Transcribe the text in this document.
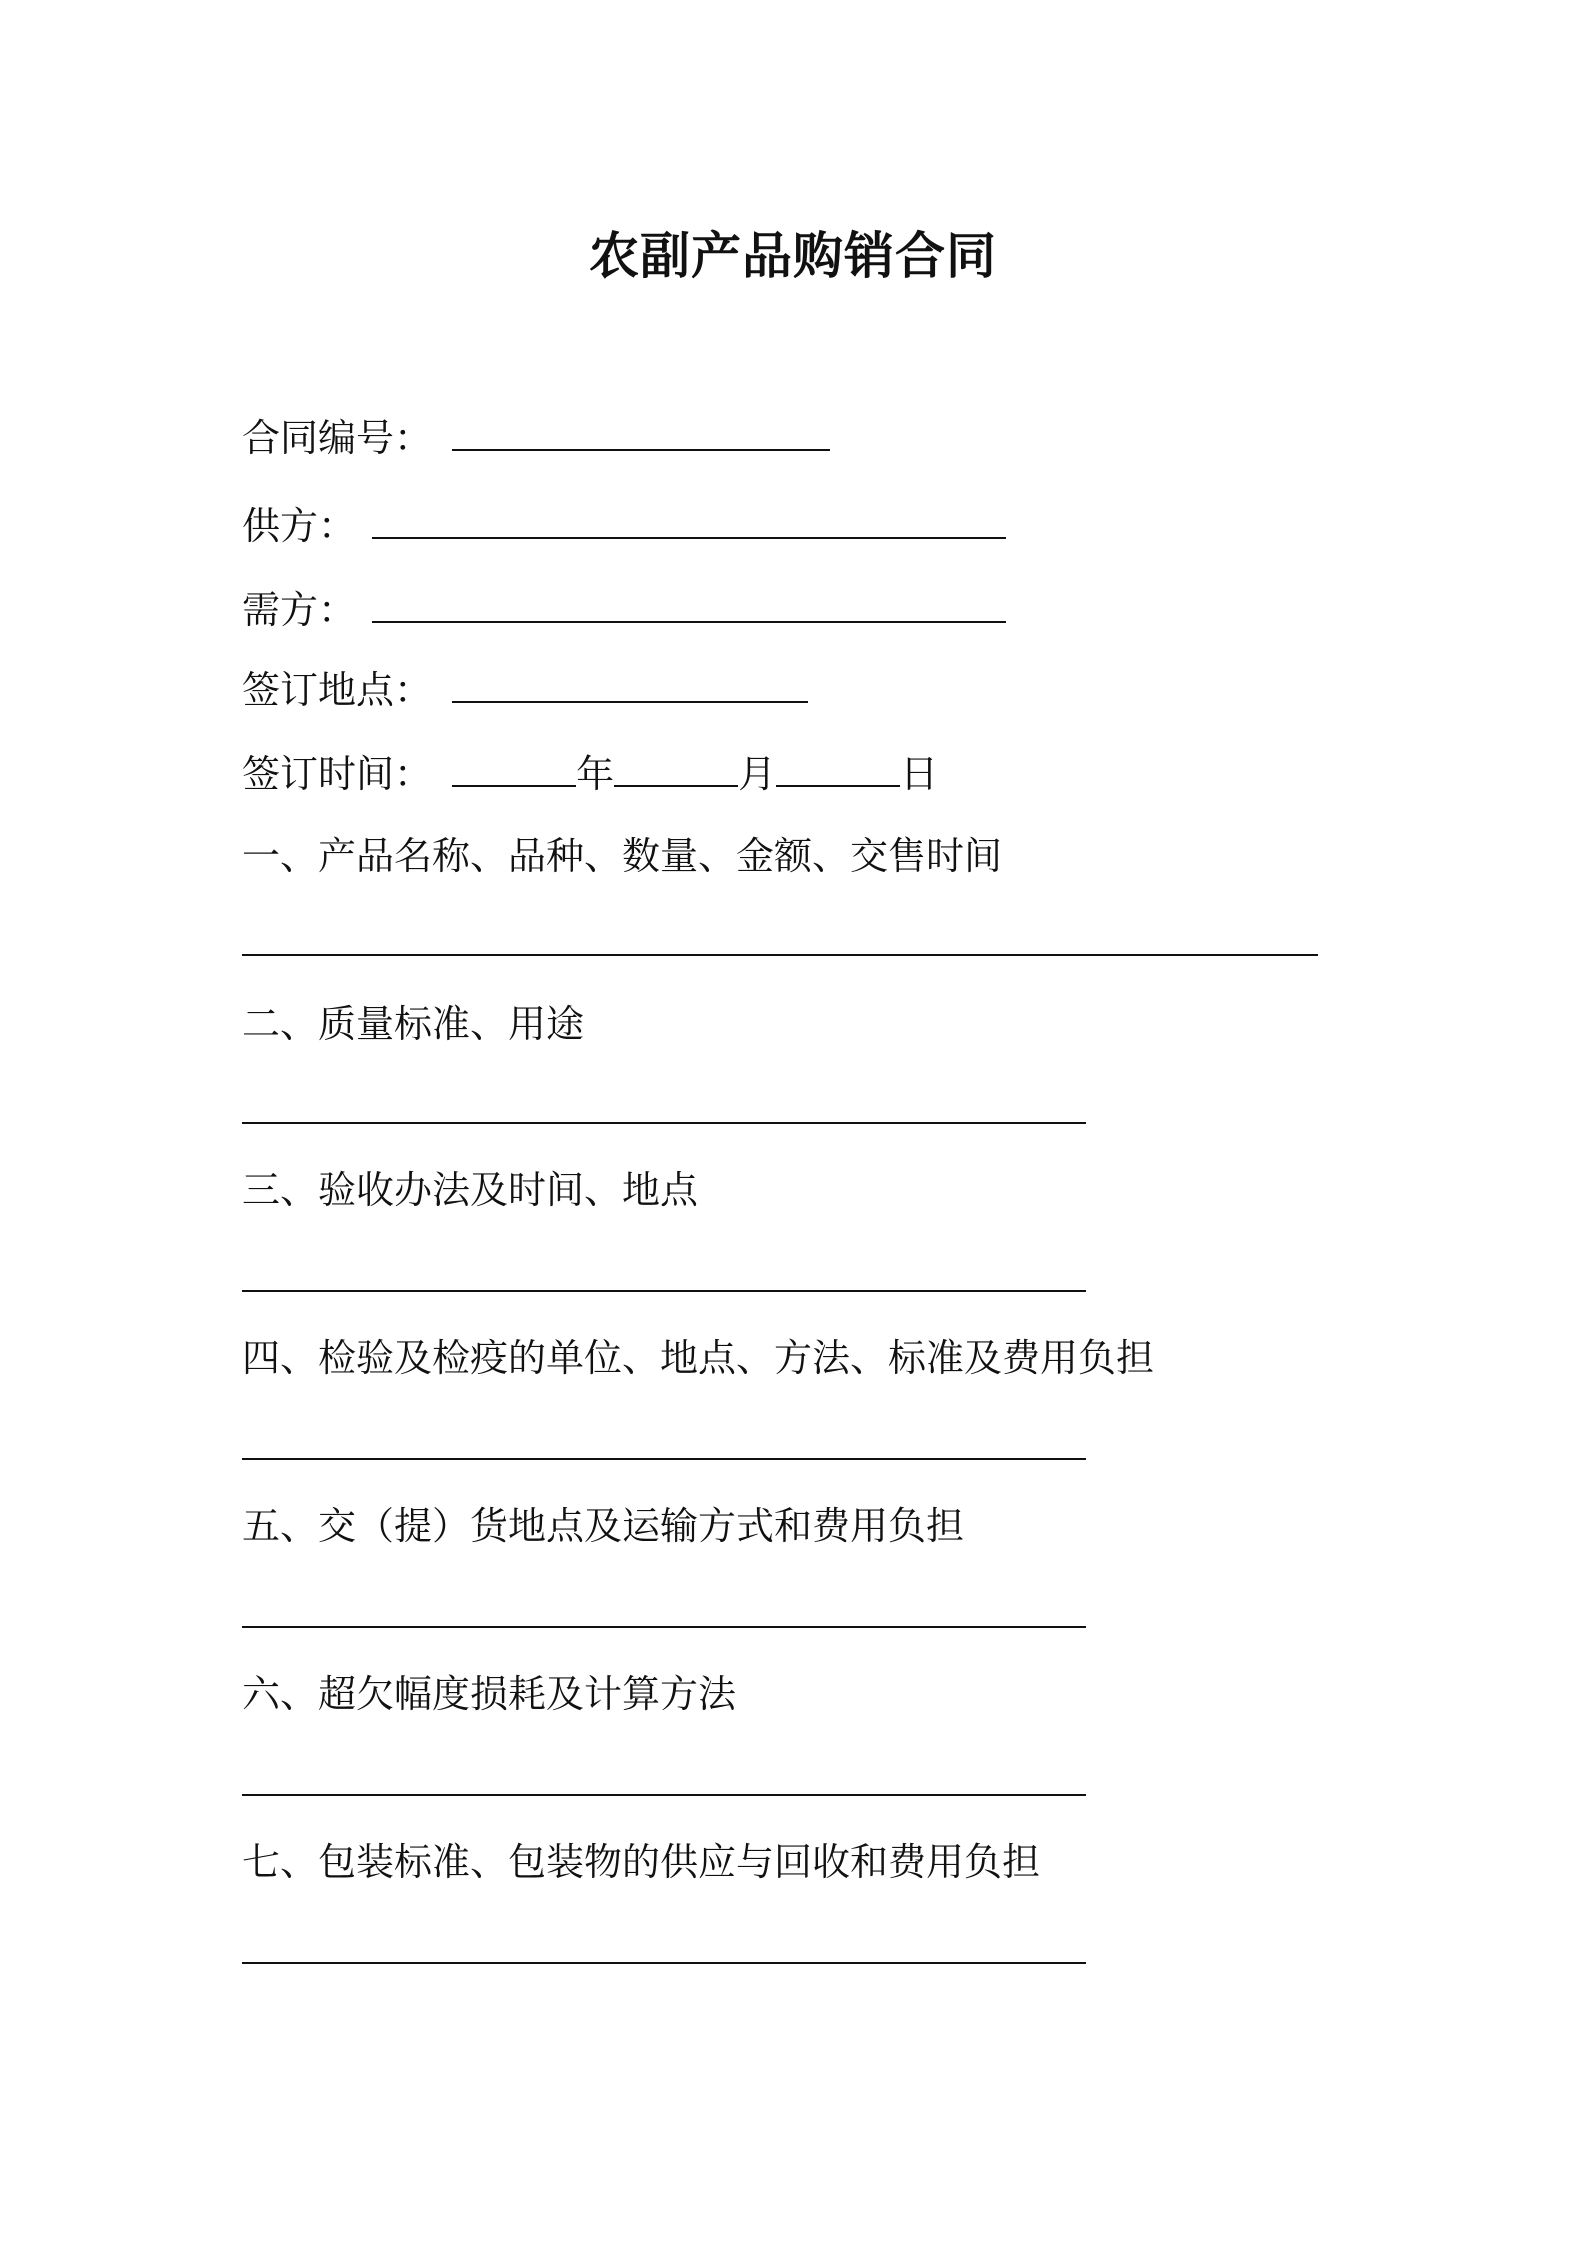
农副产品购销合同
合同编号：
供方：
需方：
签订地点：
签订时间：	年	月	日
一、产品名称、品种、数量、金额、交售时间
二、质量标准、用途
三、验收办法及时间、地点
四、检验及检疫的单位、地点、方法、标准及费用负担
五、交（提）货地点及运输方式和费用负担
六、超欠幅度损耗及计算方法
七、包装标准、包装物的供应与回收和费用负担
